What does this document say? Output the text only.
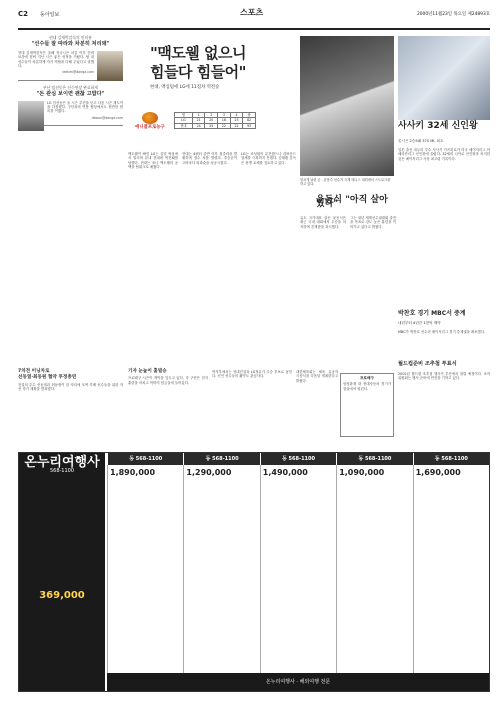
C2 동아일보	스포츠	2000년11월23일 목요일 제24893호
현대 김재박감독의 인터뷰
"선수들 잘 따라와 차분히 처리돼"
현대 김재박감독은 올해 정규시즌 마감 이후 전력 보강에 힘써 지난 시즌 좋은 성적을 거뒀다. 팀 내 선수들이 차분하게 자기 역할을 다해 주었다고 말했다.
leekim@donga.com
부산 임선동은 선수연장 완료하게
"돈 관심 보이면 괜찮 고맙다"
LG 임선동은 올 시즌 부진을 딛고 다음 시즌 재도약을 다짐했다. 구단과의 연봉 협상에서도 원만한 합의를 이뤘다.
dkwon@donga.com
"맥도웰 없으니
힘들다 힘들어"
현대, 맥심팀에 LG에 11점차 역전승
애니콜프로농구
팀	1	2	3	4	합
LG	21	20	18	23	82
현대	24	25	22	22	93
맥도웰이 빠진 LG는 골밑 싸움에서 밀리며 끝내 현대에 역전패를 당했다. 현대는 조니 맥도웰의 공백을 팀워크로 메웠다.
현대는 4쿼터 중반 이후 집중력을 발휘하며 점수 차를 벌렸다. 추승균이 고비마다 외곽슛을 성공시켰다.
LG는 조성원이 분전했으나 리바운드 열세를 극복하지 못했다. 김태환 감독은 용병 교체를 검토하고 있다.
힘차게 날린 공 - 윤용수 선수가 국제 테니스 대회에서 스트로크를 하고 있다.
윤동식 "아직 살아있다"
유도 국가대표 출신 윤동식은 최근 국내 대회에서 우승을 차지하며 건재함을 과시했다.
그는 내년 세계선수권대회 출전을 목표로 강도 높은 훈련을 이어가고 있다고 밝혔다.
사사키 32세 신인왕
올시즌 2승5패 37S ML 최초
일본 출신 마무리 투수 사사키 가즈히로가 미국 메이저리그 아메리칸리그 신인왕에 올랐다. 32세의 나이로 신인왕을 차지한 것은 메이저리그 사상 최고령 기록이다.
박찬호 경기 MBC서 중계
내년부터 4년간 1천억 계약
MBC가 박찬호 선수의 메이저리그 경기 중계권을 확보했다.
월드컵준비 조추첨 투표식
2002년 월드컵 조추첨 행사가 부산에서 열릴 예정이다. 조직위원회는 행사 준비에 만전을 기하고 있다.
7차전 이닝차로
선동열·최동원 협약 투정충연
전설의 투수 선동열과 최동원이 한 자리에 모여 후배 선수들을 위한 자선 경기 계획을 발표했다.
기자 눈높이 홈빌승
프로배구 시즌이 개막을 앞두고 있다. 각 구단은 전지훈련을 마치고 막바지 담금질에 들어갔다.
여자부에서는 현대건설과 LG정유가 우승 후보로 꼽힌다. 신인 선수들의 활약도 관심사다.
대한체육회는 체육 유공자 시상식을 다음달 개최한다고 밝혔다.
프로배구
삼성화재 대 현대자동차 경기가 잠실에서 열린다.
온누리여행사
568-1100
369,000
동 568-1100	동 568-1100	동 568-1100	동 568-1100	동 568-1100
1,890,000	1,290,000	1,490,000	1,090,000	1,690,000
온누리여행사 · 해외여행 전문
